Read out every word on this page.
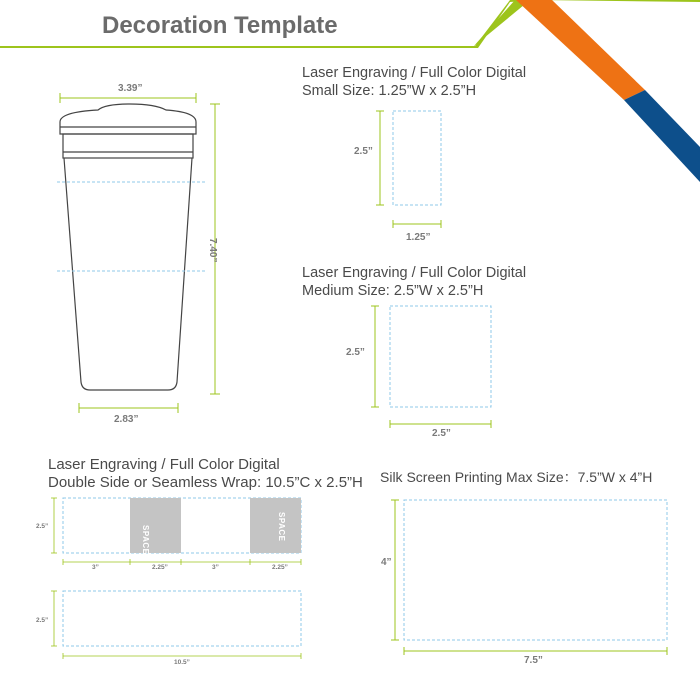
Decoration Template
3.39”
7.40”
2.83”
Laser Engraving / Full Color Digital
Small Size: 1.25”W x 2.5”H
2.5”
1.25”
Laser Engraving / Full Color Digital
Medium Size: 2.5”W x 2.5”H
2.5”
2.5”
Laser Engraving / Full Color Digital
Double Side or Seamless Wrap: 10.5”C x 2.5”H
2.5”
3”	2.25”	3”	2.25”
SPACE	SPACE
2.5”
10.5”
Silk Screen Printing Max Size：7.5”W x 4”H
4”
7.5”
